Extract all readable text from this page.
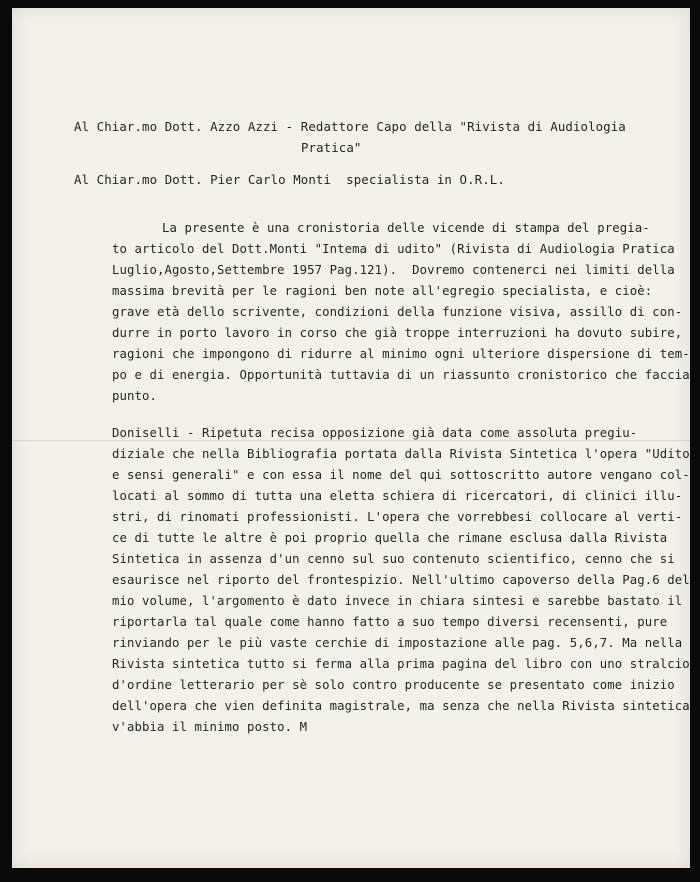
Al Chiar.mo Dott. Azzo Azzi - Redattore Capo della "Rivista di Audiologia
Pratica"
Al Chiar.mo Dott. Pier Carlo Monti  specialista in O.R.L.
La presente è una cronistoria delle vicende di stampa del pregia-
to articolo del Dott.Monti "Intema di udito" (Rivista di Audiologia Pratica
Luglio,Agosto,Settembre 1957 Pag.121).  Dovremo contenerci nei limiti della
massima brevità per le ragioni ben note all'egregio specialista, e cioè:
grave età dello scrivente, condizioni della funzione visiva, assillo di con-
durre in porto lavoro in corso che già troppe interruzioni ha dovuto subire,
ragioni che impongono di ridurre al minimo ogni ulteriore dispersione di tem-
po e di energia. Opportunità tuttavia di un riassunto cronistorico che faccia
punto.
Doniselli - Ripetuta recisa opposizione già data come assoluta pregiu-
diziale che nella Bibliografia portata dalla Rivista Sintetica l'opera "Udito
e sensi generali" e con essa il nome del qui sottoscritto autore vengano col-
locati al sommo di tutta una eletta schiera di ricercatori, di clinici illu-
stri, di rinomati professionisti. L'opera che vorrebbesi collocare al verti-
ce di tutte le altre è poi proprio quella che rimane esclusa dalla Rivista
Sintetica in assenza d'un cenno sul suo contenuto scientifico, cenno che si
esaurisce nel riporto del frontespizio. Nell'ultimo capoverso della Pag.6 del
mio volume, l'argomento è dato invece in chiara sintesi e sarebbe bastato il
riportarla tal quale come hanno fatto a suo tempo diversi recensenti, pure
rinviando per le più vaste cerchie di impostazione alle pag. 5,6,7. Ma nella
Rivista sintetica tutto si ferma alla prima pagina del libro con uno stralcio
d'ordine letterario per sè solo contro producente se presentato come inizio
dell'opera che vien definita magistrale, ma senza che nella Rivista sintetica
v'abbia il minimo posto. M
